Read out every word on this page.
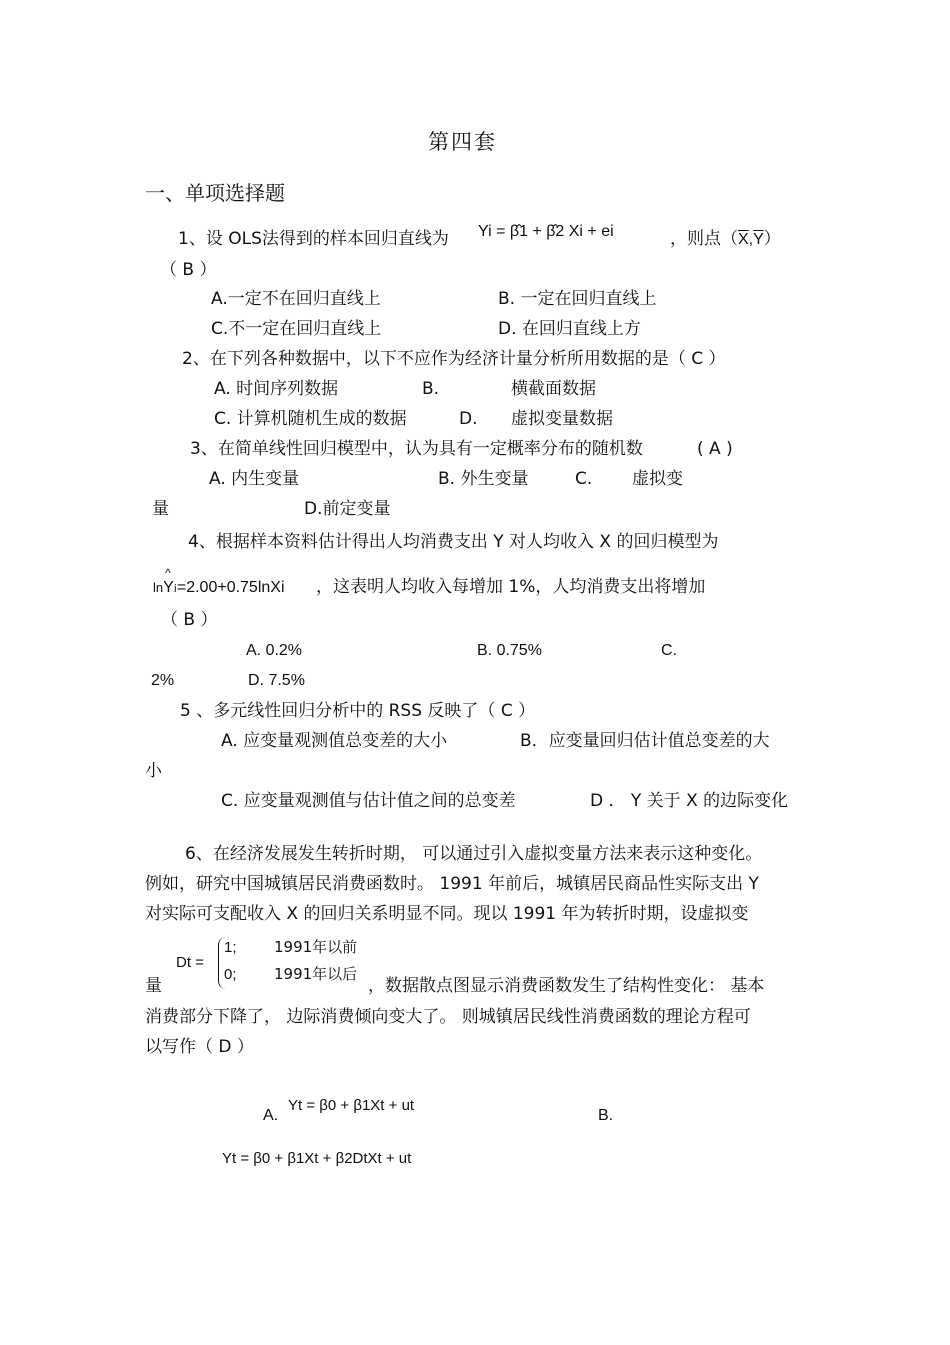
第四套
一、单项选择题
1、设 OLS法得到的样本回归直线为 Yi = β̂1 + β̂2 Xi + ei	，则点$(\overline{X},\overline{Y})$
（ B ）
A.一定不在回归直线上	B. 一定在回归直线上
C.不一定在回归直线上	D. 在回归直线上方
2、在下列各种数据中，以下不应作为经济计量分析所用数据的是（ C ）
A. 时间序列数据	B.	横截面数据
C. 计算机随机生成的数据	D. 虚拟变量数据
3、在简单线性回归模型中，认为具有一定概率分布的随机数	( A )
A. 内生变量	B. 外生变量	C. 虚拟变
量	D.前定变量
4、根据样本资料估计得出人均消费支出 Y 对人均收入 X 的回归模型为
ln
^
Yi=2.00+0.75lnXi ，这表明人均收入每增加 1%，人均消费支出将增加
（ B ）
A. 0.2%	B. 0.75%	C.
2%	D. 7.5%
5 、多元线性回归分析中的 RSS 反映了（ C ）
A. 应变量观测值总变差的大小	B．应变量回归估计值总变差的大
小
C. 应变量观测值与估计值之间的总变差	D ． Y 关于 X 的边际变化
6、在经济发展发生转折时期， 可以通过引入虚拟变量方法来表示这种变化。
例如，研究中国城镇居民消费函数时。 1991 年前后，城镇居民商品性实际支出 Y
对实际可支配收入 X 的回归关系明显不同。现以 1991 年为转折时期，设虚拟变
Dt =
1; 1991年以前
0; 1991年以后
量	，数据散点图显示消费函数发生了结构性变化： 基本
消费部分下降了， 边际消费倾向变大了。 则城镇居民线性消费函数的理论方程可
以写作（ D ）
A.
Yt = β0 + β1Xt + ut
B.
Yt = β0 + β1Xt + β2DtXt + ut
